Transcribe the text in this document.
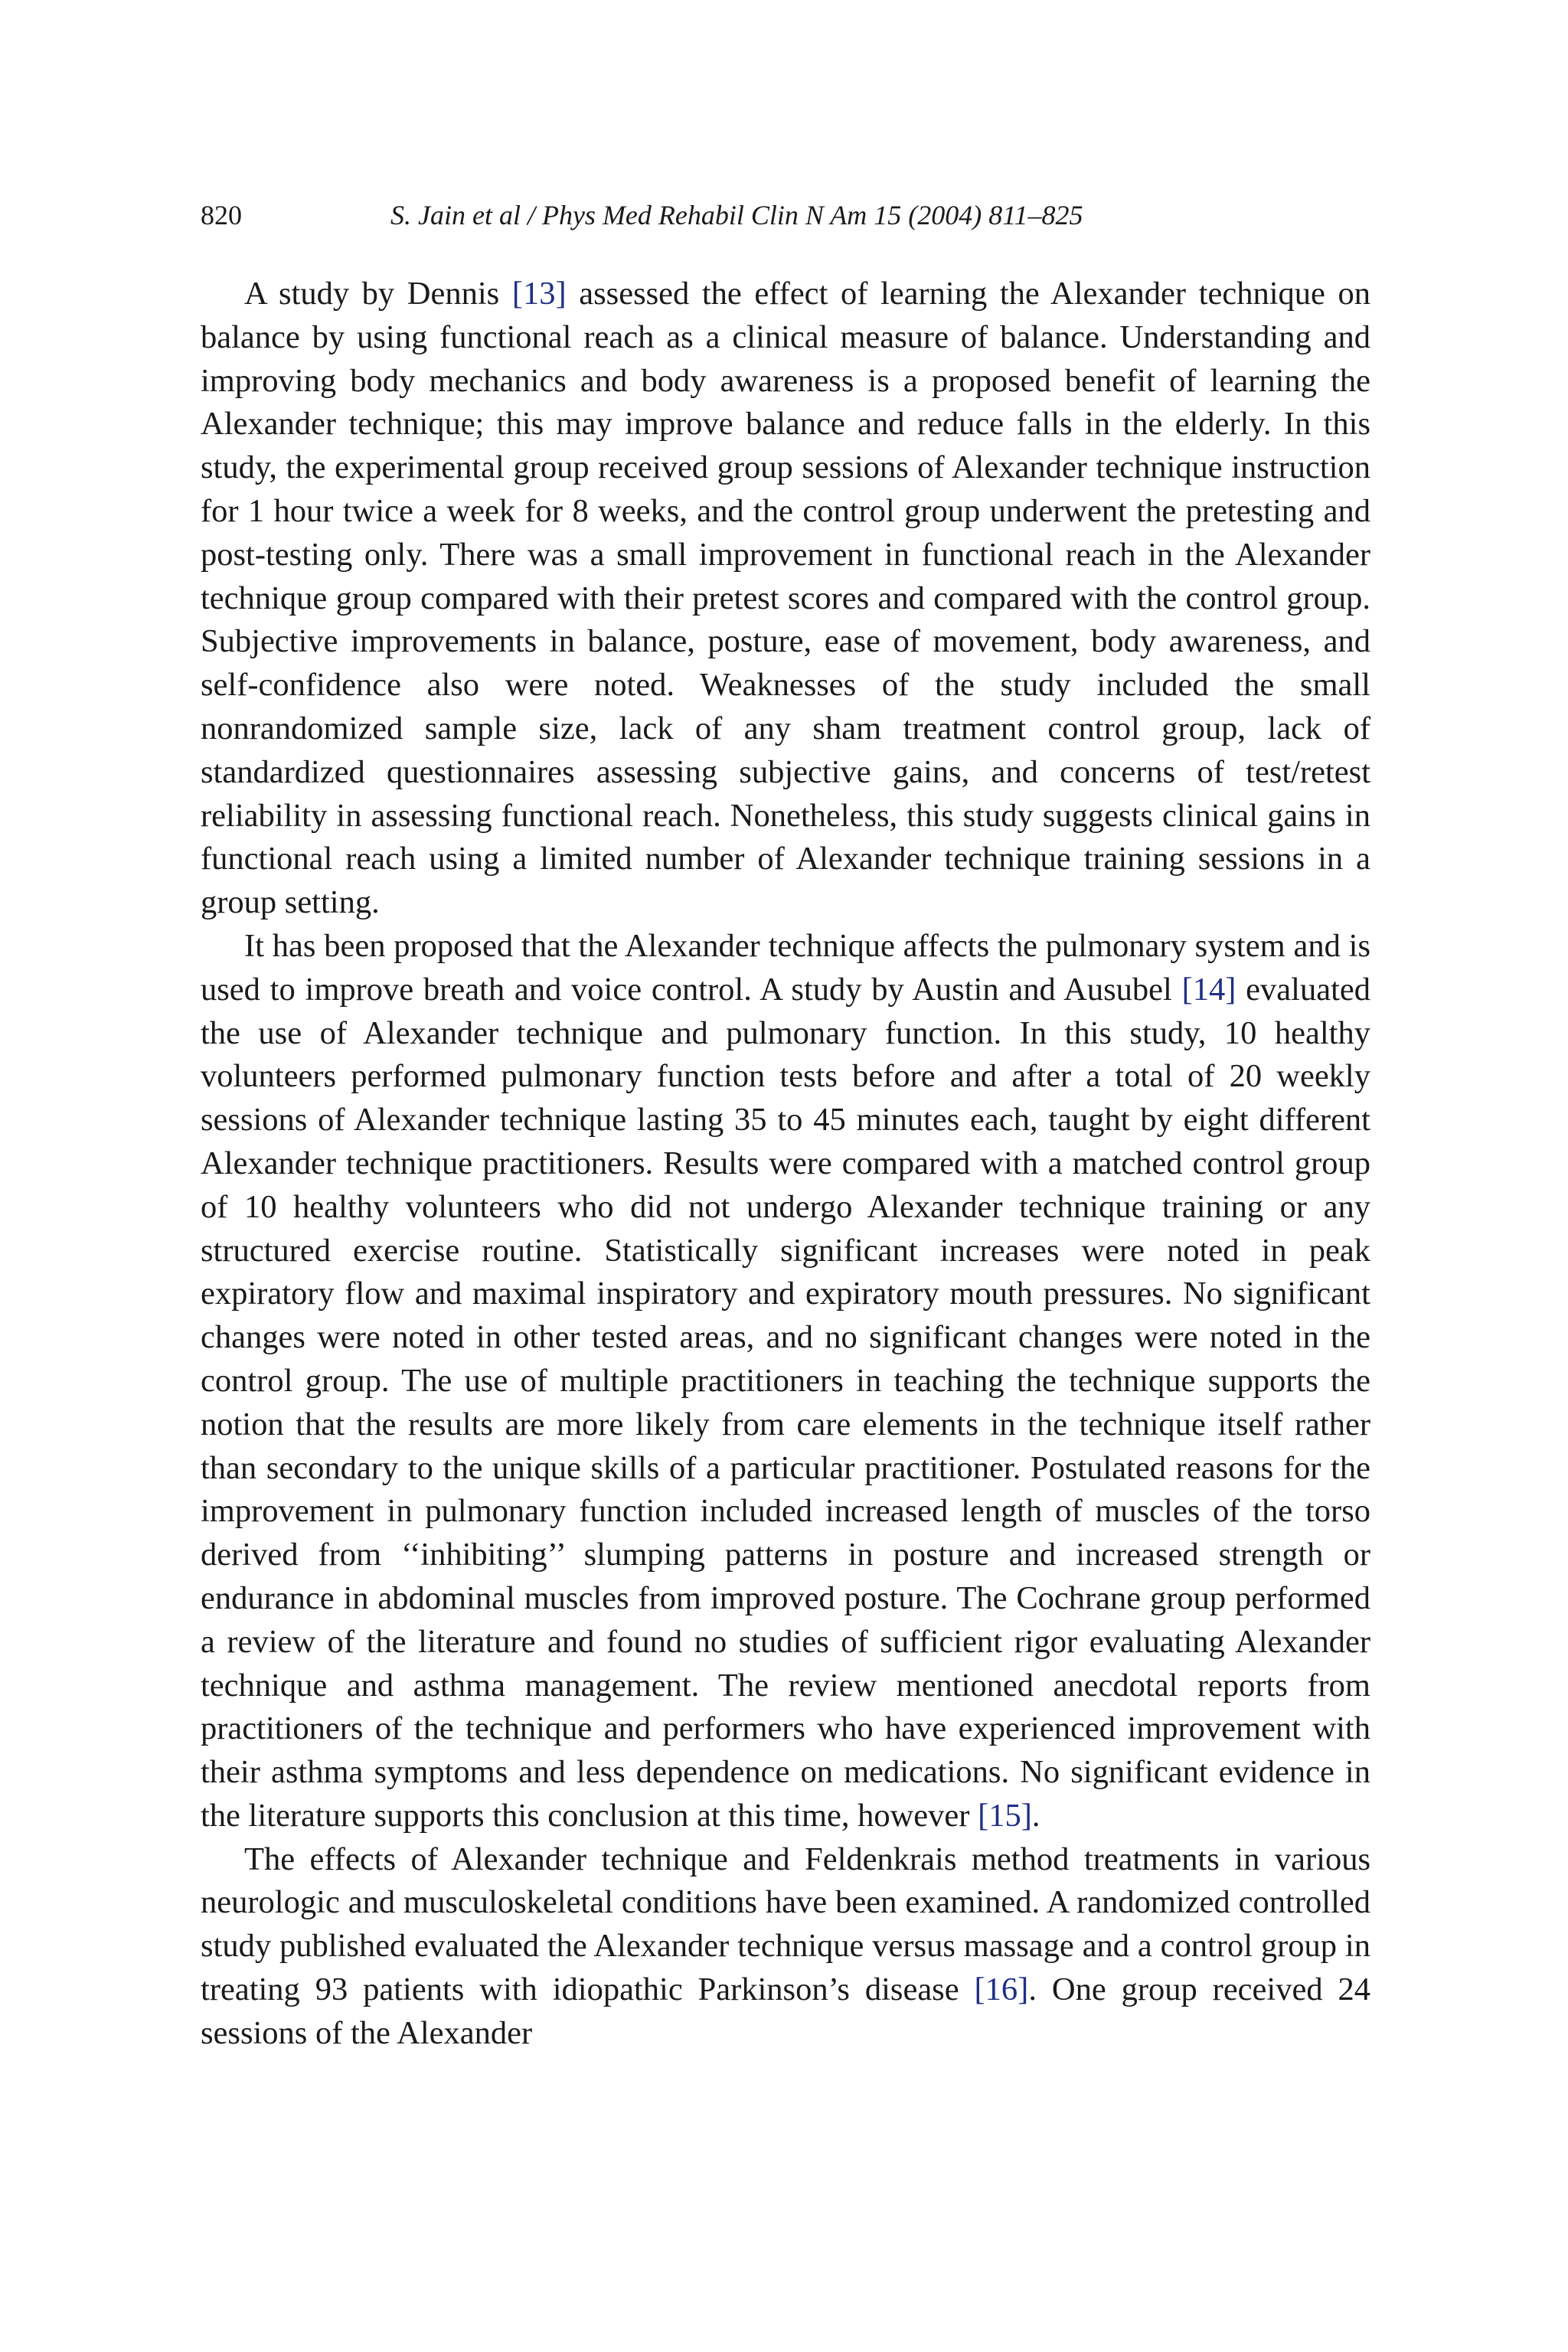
820	S. Jain et al / Phys Med Rehabil Clin N Am 15 (2004) 811–825

A study by Dennis [13] assessed the effect of learning the Alexander technique on balance by using functional reach as a clinical measure of balance. Understanding and improving body mechanics and body awareness is a proposed benefit of learning the Alexander technique; this may improve balance and reduce falls in the elderly. In this study, the experimental group received group sessions of Alexander technique instruction for 1 hour twice a week for 8 weeks, and the control group underwent the pretesting and post-testing only. There was a small improvement in functional reach in the Alexander technique group compared with their pretest scores and compared with the control group. Subjective improvements in balance, posture, ease of movement, body awareness, and self-confidence also were noted. Weaknesses of the study included the small nonrandomized sample size, lack of any sham treatment control group, lack of standardized questionnaires assessing subjective gains, and concerns of test/retest reliability in assessing functional reach. Nonetheless, this study suggests clinical gains in functional reach using a limited number of Alexander technique training sessions in a group setting.

It has been proposed that the Alexander technique affects the pulmonary system and is used to improve breath and voice control. A study by Austin and Ausubel [14] evaluated the use of Alexander technique and pulmonary function. In this study, 10 healthy volunteers performed pulmonary function tests before and after a total of 20 weekly sessions of Alexander technique lasting 35 to 45 minutes each, taught by eight different Alexander technique practitioners. Results were compared with a matched control group of 10 healthy volunteers who did not undergo Alexander technique training or any structured exercise routine. Statistically significant increases were noted in peak expiratory flow and maximal inspiratory and expiratory mouth pressures. No significant changes were noted in other tested areas, and no significant changes were noted in the control group. The use of multiple practitioners in teaching the technique supports the notion that the results are more likely from care elements in the technique itself rather than secondary to the unique skills of a particular practitioner. Postulated reasons for the improvement in pulmonary function included increased length of muscles of the torso derived from ‘‘inhibiting’’ slumping patterns in posture and increased strength or endurance in abdominal muscles from improved posture. The Cochrane group performed a review of the literature and found no studies of sufficient rigor evaluating Alexander technique and asthma management. The review mentioned anecdotal reports from practitioners of the technique and performers who have experienced improvement with their asthma symptoms and less dependence on medications. No significant evidence in the literature supports this conclusion at this time, however [15].

The effects of Alexander technique and Feldenkrais method treatments in various neurologic and musculoskeletal conditions have been examined. A randomized controlled study published evaluated the Alexander technique versus massage and a control group in treating 93 patients with idiopathic Parkinson’s disease [16]. One group received 24 sessions of the Alexander
